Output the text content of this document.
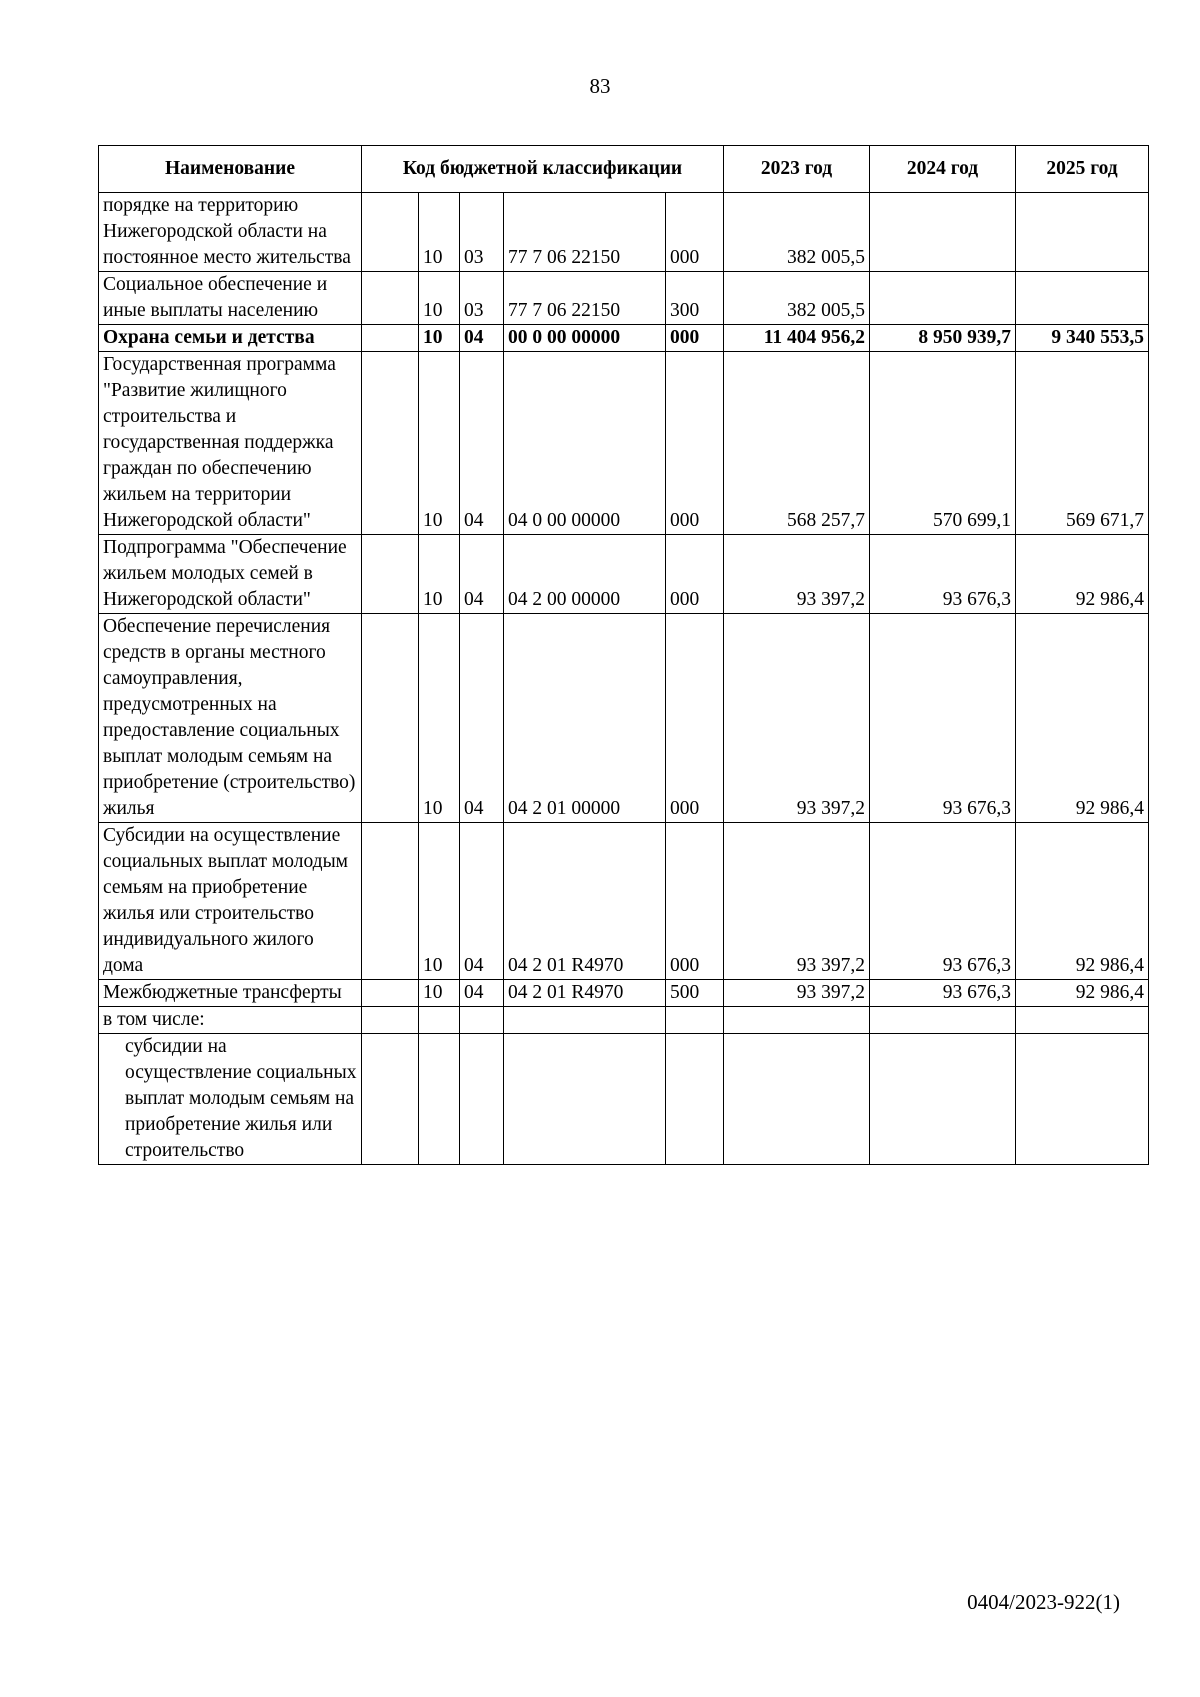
83
Наименование	Код бюджетной классификации					2023 год	2024 год	2025 год
порядке на территорию Нижегородской области на постоянное место жительства		10	03	77 7 06 22150	000	382 005,5		
Социальное обеспечение и иные выплаты населению		10	03	77 7 06 22150	300	382 005,5		
Охрана семьи и детства		10	04	00 0 00 00000	000	11 404 956,2	8 950 939,7	9 340 553,5
Государственная программа "Развитие жилищного строительства и государственная поддержка граждан по обеспечению жильем на территории Нижегородской области"		10	04	04 0 00 00000	000	568 257,7	570 699,1	569 671,7
Подпрограмма "Обеспечение жильем молодых семей в Нижегородской области"		10	04	04 2 00 00000	000	93 397,2	93 676,3	92 986,4
Обеспечение перечисления средств в органы местного самоуправления, предусмотренных на предоставление социальных выплат молодым семьям на приобретение (строительство) жилья		10	04	04 2 01 00000	000	93 397,2	93 676,3	92 986,4
Субсидии на осуществление социальных выплат молодым семьям на приобретение жилья или строительство индивидуального жилого дома		10	04	04 2 01 R4970	000	93 397,2	93 676,3	92 986,4
Межбюджетные трансферты		10	04	04 2 01 R4970	500	93 397,2	93 676,3	92 986,4
в том числе:								
субсидии на осуществление социальных выплат молодым семьям на приобретение жилья или строительство								
0404/2023-922(1)
